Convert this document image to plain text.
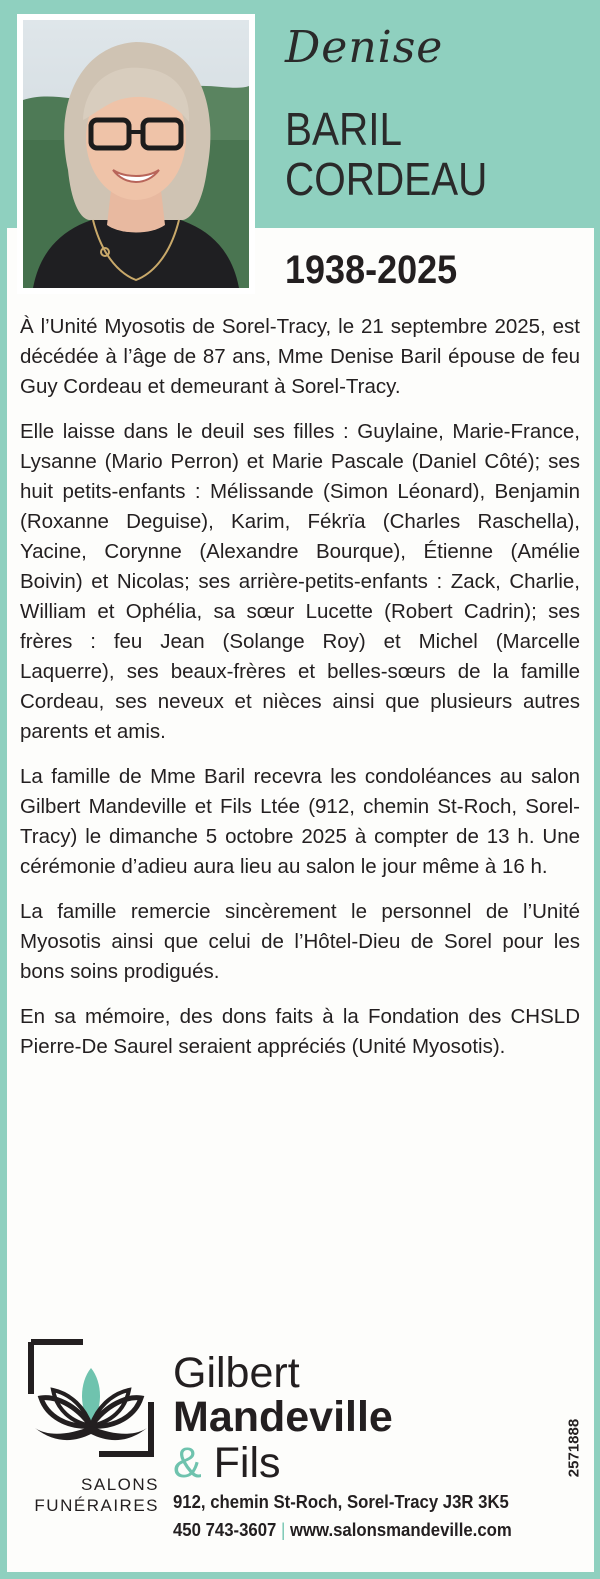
Denise
BARIL
CORDEAU
1938-2025

À l’Unité Myosotis de Sorel-Tracy, le 21 septembre 2025, est décédée à l’âge de 87 ans, Mme Denise Baril épouse de feu Guy Cordeau et demeurant à Sorel-Tracy.

Elle laisse dans le deuil ses filles : Guylaine, Marie-France, Lysanne (Mario Perron) et Marie Pascale (Daniel Côté); ses huit petits-enfants : Mélissande (Simon Léonard), Benjamin (Roxanne Deguise), Karim, Fékrïa (Charles Raschella), Yacine, Corynne (Alexandre Bourque), Étienne (Amélie Boivin) et Nicolas; ses arrière-petits-enfants : Zack, Charlie, William et Ophélia, sa sœur Lucette (Robert Cadrin); ses frères : feu Jean (Solange Roy) et Michel (Marcelle Laquerre), ses beaux-frères et belles-sœurs de la famille Cordeau, ses neveux et nièces ainsi que plusieurs autres parents et amis.

La famille de Mme Baril recevra les condoléances au salon Gilbert Mandeville et Fils Ltée (912, chemin St-Roch, Sorel-Tracy) le dimanche 5 octobre 2025 à compter de 13 h. Une cérémonie d’adieu aura lieu au salon le jour même à 16 h.

La famille remercie sincèrement le personnel de l’Unité Myosotis ainsi que celui de l’Hôtel-Dieu de Sorel pour les bons soins prodigués.

En sa mémoire, des dons faits à la Fondation des CHSLD Pierre-De Saurel seraient appréciés (Unité Myosotis).

SALONS
FUNÉRAIRES
Gilbert
Mandeville
& Fils
912, chemin St-Roch, Sorel-Tracy J3R 3K5
450 743-3607 | www.salonsmandeville.com
2571888
